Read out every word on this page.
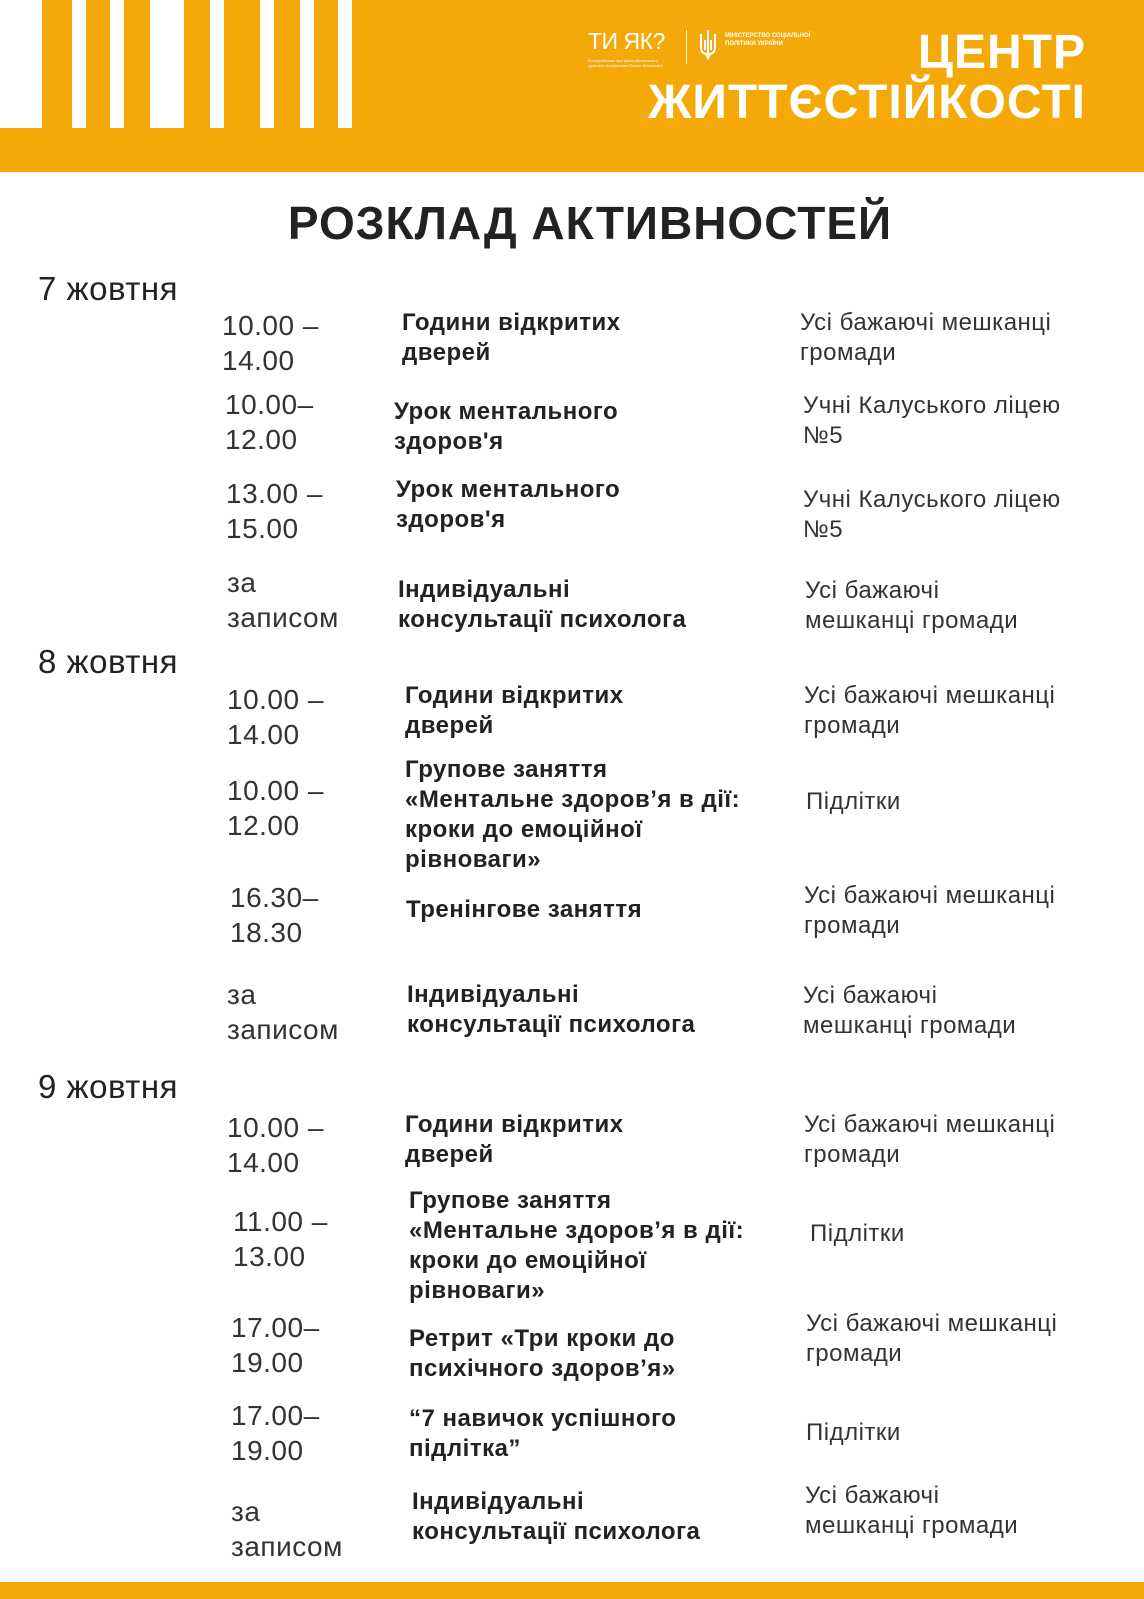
ТИ ЯК?
Всеукраїнська програма ментального здоров'я за ініціативи Олени Зеленської
МІНІСТЕРСТВО СОЦІАЛЬНОЇ ПОЛІТИКИ УКРАЇНИ	ЦЕНТР
ЖИТТЄСТІЙКОСТІ
РОЗКЛАД АКТИВНОСТЕЙ
7 жовтня
10.00 –
14.00
Години відкритих
дверей
Усі бажаючі мешканці
громади
10.00–
12.00
Урок ментального
здоров'я
Учні Калуського ліцею
№5
13.00 –
15.00
Урок ментального
здоров'я
Учні Калуського ліцею
№5
за
записом
Індивідуальні
консультації психолога
Усі бажаючі
мешканці громади
8 жовтня
10.00 –
14.00
Години відкритих
дверей
Усі бажаючі мешканці
громади
10.00 –
12.00
Групове заняття
«Ментальне здоров’я в дії:
кроки до емоційної
рівноваги»
Підлітки
16.30–
18.30
Тренінгове заняття
Усі бажаючі мешканці
громади
за
записом
Індивідуальні
консультації психолога
Усі бажаючі
мешканці громади
9 жовтня
10.00 –
14.00
Години відкритих
дверей
Усі бажаючі мешканці
громади
11.00 –
13.00
Групове заняття
«Ментальне здоров’я в дії:
кроки до емоційної
рівноваги»
Підлітки
17.00–
19.00
Ретрит «Три кроки до
психічного здоров’я»
Усі бажаючі мешканці
громади
17.00–
19.00
“7 навичок успішного
підлітка”
Підлітки
за
записом
Індивідуальні
консультації психолога
Усі бажаючі
мешканці громади
